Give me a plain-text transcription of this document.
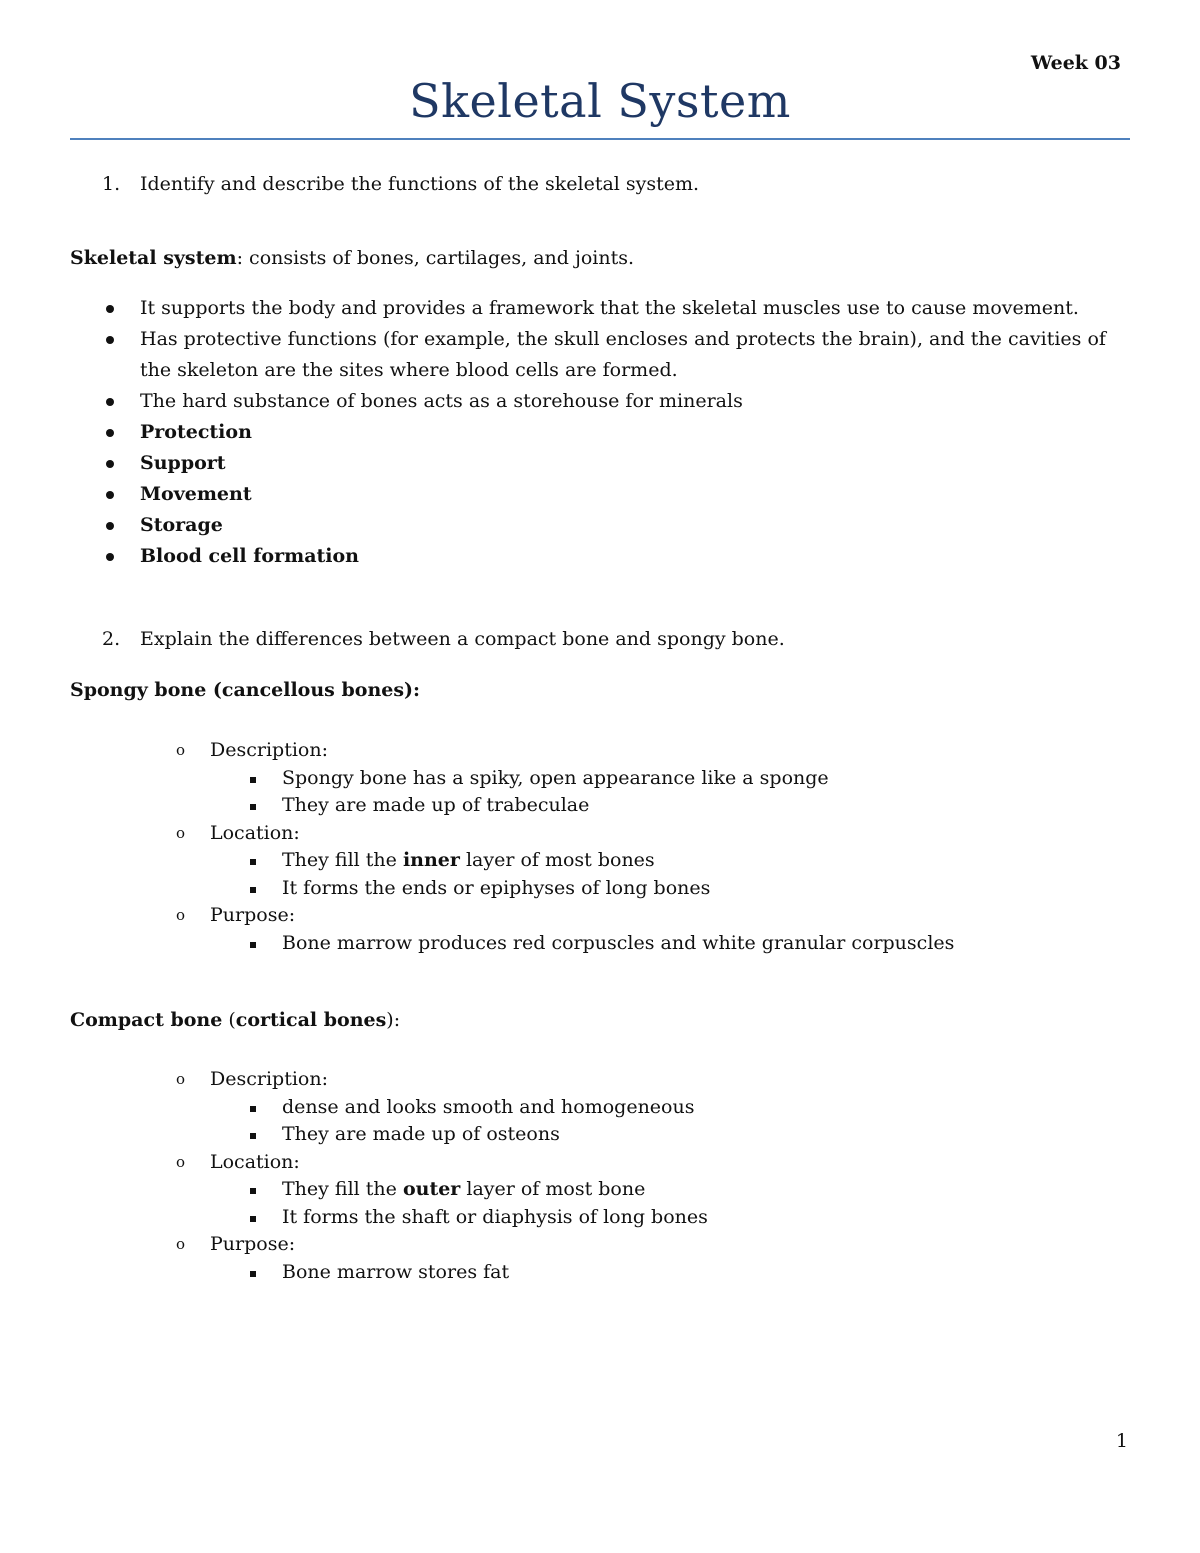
Week 03
Skeletal System
1. Identify and describe the functions of the skeletal system.
Skeletal system: consists of bones, cartilages, and joints.
It supports the body and provides a framework that the skeletal muscles use to cause movement.
Has protective functions (for example, the skull encloses and protects the brain), and the cavities of the skeleton are the sites where blood cells are formed.
The hard substance of bones acts as a storehouse for minerals
Protection
Support
Movement
Storage
Blood cell formation
2. Explain the differences between a compact bone and spongy bone.
Spongy bone (cancellous bones):
o Description:
Spongy bone has a spiky, open appearance like a sponge
They are made up of trabeculae
o Location:
They fill the inner layer of most bones
It forms the ends or epiphyses of long bones
o Purpose:
Bone marrow produces red corpuscles and white granular corpuscles
Compact bone (cortical bones):
o Description:
dense and looks smooth and homogeneous
They are made up of osteons
o Location:
They fill the outer layer of most bone
It forms the shaft or diaphysis of long bones
o Purpose:
Bone marrow stores fat
1
